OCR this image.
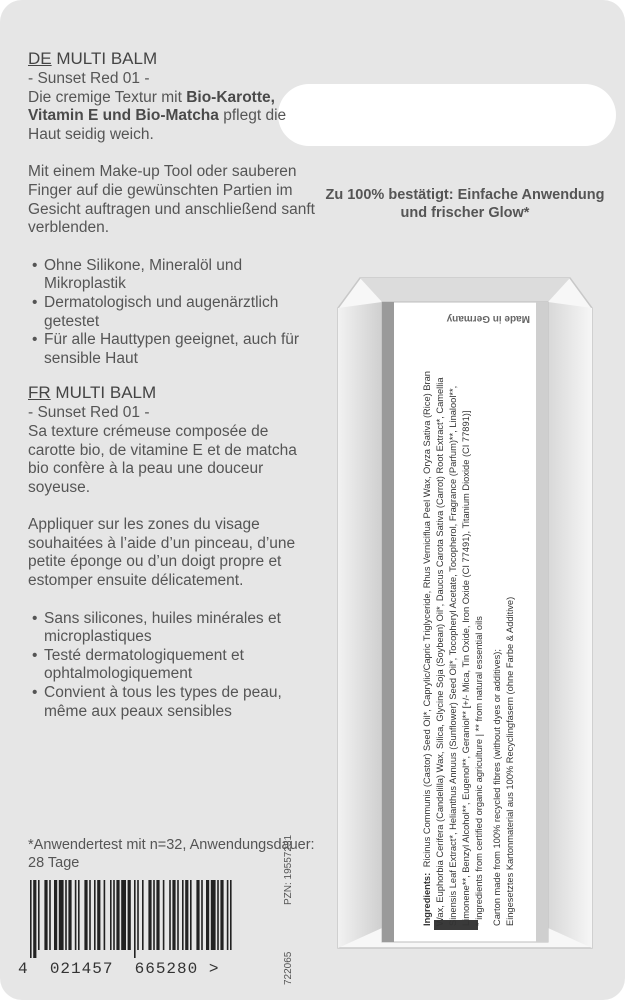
DE MULTI BALM

- Sunset Red 01 -

Die cremige Textur mit Bio-Karotte, Vitamin E und Bio-Matcha pflegt die Haut seidig weich.

Mit einem Make-up Tool oder sauberen Finger auf die gewünschten Partien im Gesicht auftragen und anschließend sanft verblenden.

• Ohne Silikone, Mineralöl und Mikroplastik
• Dermatologisch und augenärztlich getestet
• Für alle Hauttypen geeignet, auch für sensible Haut

FR MULTI BALM

- Sunset Red 01 -

Sa texture crémeuse composée de carotte bio, de vitamine E et de matcha bio confère à la peau une douceur soyeuse.

Appliquer sur les zones du visage souhaitées à l’aide d’un pinceau, d’une petite éponge ou d’un doigt propre et estomper ensuite délicatement.

• Sans silicones, huiles minérales et microplastiques
• Testé dermatologiquement et ophtalmologiquement
• Convient à tous les types de peau, même aux peaux sensibles
Zu 100% bestätigt: Einfache Anwendung und frischer Glow*
Ingredients: Ricinus Communis (Castor) Seed Oil*, Caprylic/Capric Triglyceride, Rhus Verniciflua Peel Wax, Oryza Sativa (Rice) Bran Wax, Euphorbia Cerifera (Candelilla) Wax, Silica, Glycine Soja (Soybean) Oil*, Daucus Carota Sativa (Carrot) Root Extract*, Camellia Sinensis Leaf Extract*, Helianthus Annuus (Sunflower) Seed Oil*, Tocopheryl Acetate, Tocopherol, Fragrance (Parfum)**, Linalool**, Limonene**, Benzyl Alcohol**, Eugenol**, Geraniol** [+/- Mica, Tin Oxide, Iron Oxide (CI 77491), Titanium Dioxide (CI 77891)] * ingredients from certified organic agriculture | ** from natural essential oils Carton made from 100% recycled fibres (without dyes or additives); Eingesetztes Kartonmaterial aus 100% Recyclingfasern (ohne Farbe & Additive)
Made in Germany
*Anwendertest mit n=32, Anwendungsdauer: 28 Tage	PZN: 19557231
722065
4 021457 665280 >
